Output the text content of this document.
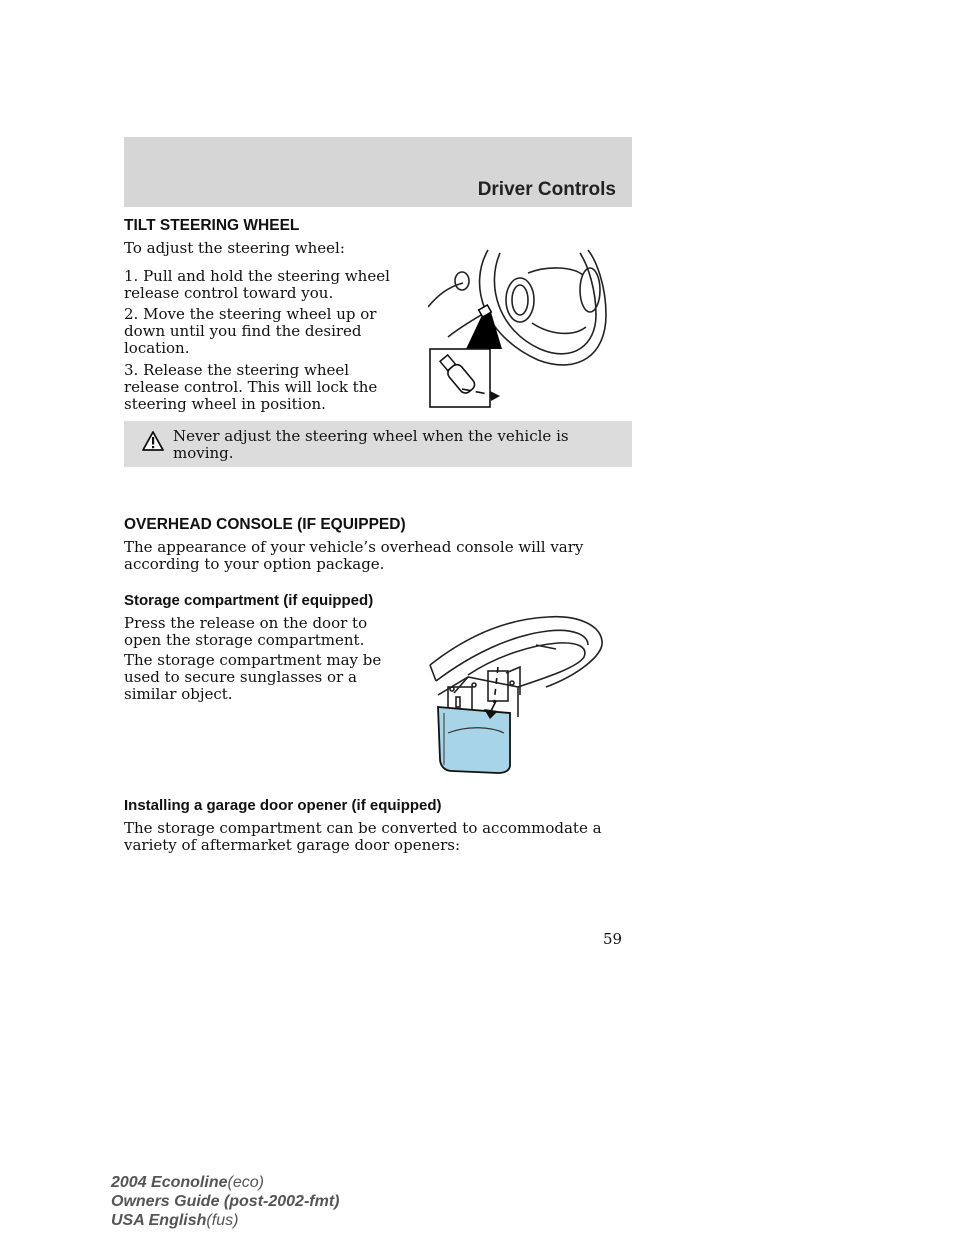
Driver Controls
TILT STEERING WHEEL
To adjust the steering wheel:
1. Pull and hold the steering wheel release control toward you.
2. Move the steering wheel up or down until you find the desired location.
3. Release the steering wheel release control. This will lock the steering wheel in position.
Never adjust the steering wheel when the vehicle is moving.
OVERHEAD CONSOLE (IF EQUIPPED)
The appearance of your vehicle’s overhead console will vary according to your option package.
Storage compartment (if equipped)
Press the release on the door to open the storage compartment.
The storage compartment may be used to secure sunglasses or a similar object.
Installing a garage door opener (if equipped)
The storage compartment can be converted to accommodate a variety of aftermarket garage door openers:
59
2004 Econoline(eco)
Owners Guide (post-2002-fmt)
USA English(fus)
